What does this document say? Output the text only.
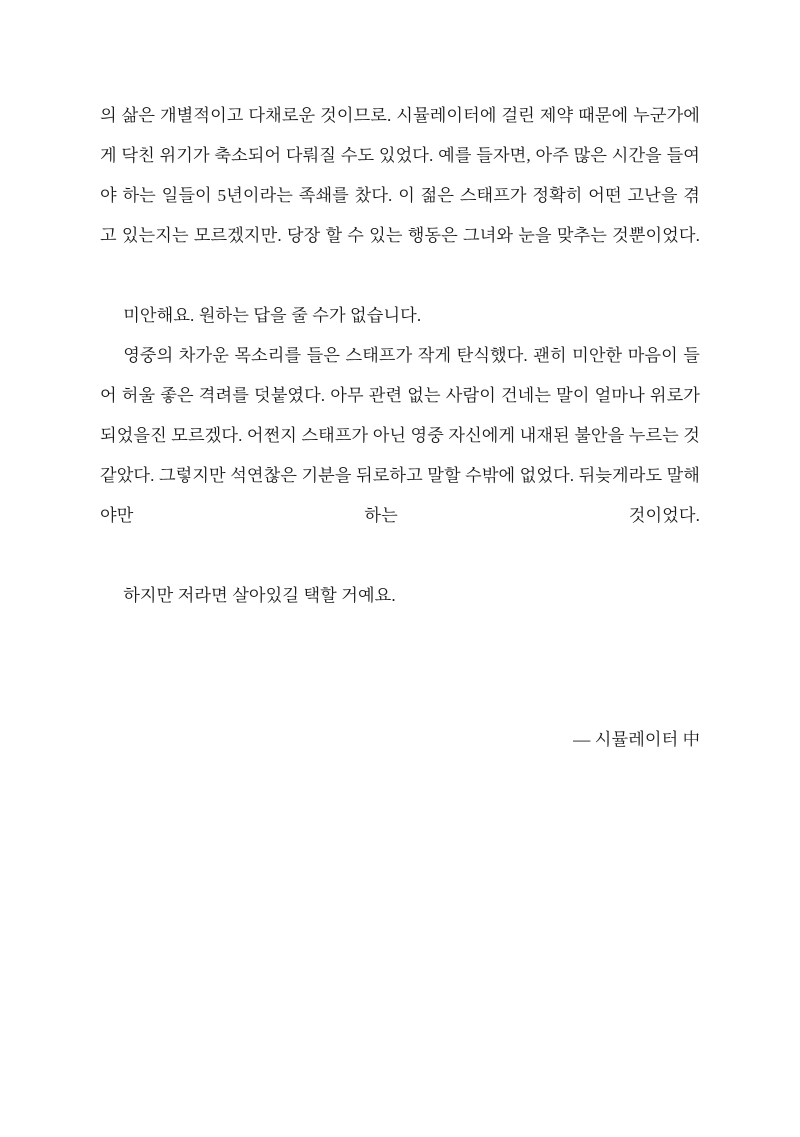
의 삶은 개별적이고 다채로운 것이므로. 시뮬레이터에 걸린 제약 때문에 누군가에게 닥친 위기가 축소되어 다뤄질 수도 있었다. 예를 들자면, 아주 많은 시간을 들여야 하는 일들이 5년이라는 족쇄를 찼다. 이 젊은 스태프가 정확히 어떤 고난을 겪고 있는지는 모르겠지만. 당장 할 수 있는 행동은 그녀와 눈을 맞추는 것뿐이었다.

미안해요. 원하는 답을 줄 수가 없습니다.

영중의 차가운 목소리를 들은 스태프가 작게 탄식했다. 괜히 미안한 마음이 들어 허울 좋은 격려를 덧붙였다. 아무 관련 없는 사람이 건네는 말이 얼마나 위로가 되었을진 모르겠다. 어쩐지 스태프가 아닌 영중 자신에게 내재된 불안을 누르는 것 같았다. 그렇지만 석연찮은 기분을 뒤로하고 말할 수밖에 없었다. 뒤늦게라도 말해야만 하는 것이었다.

하지만 저라면 살아있길 택할 거예요.

— 시뮬레이터 中
